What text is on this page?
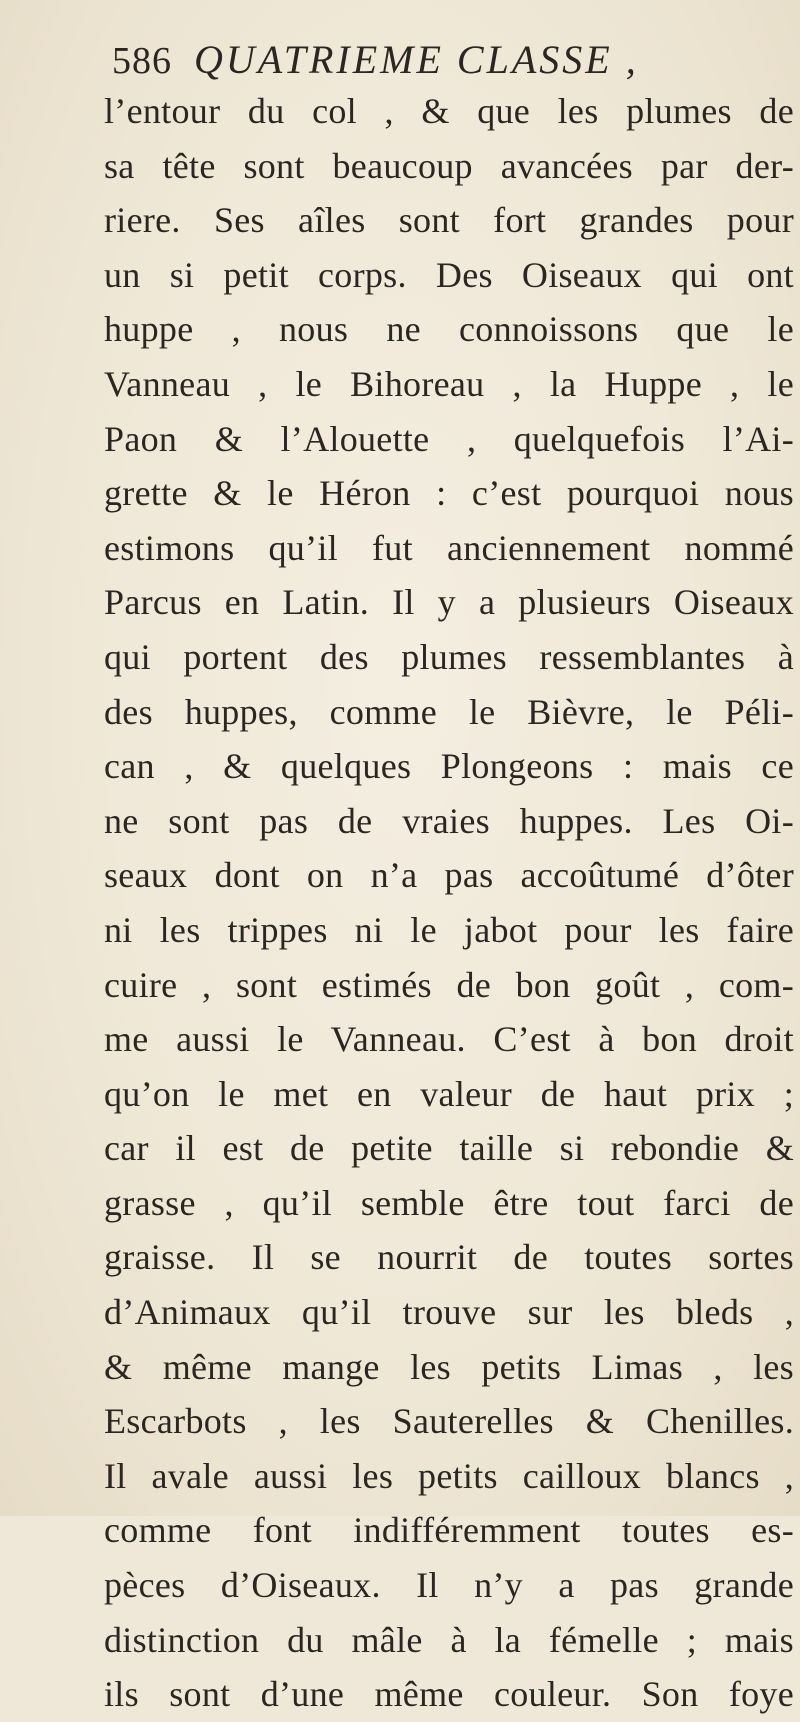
586 QUATRIEME CLASSE ,
l’entour du col , & que les plumes de
sa tête sont beaucoup avancées par der-
riere. Ses aîles sont fort grandes pour
un si petit corps. Des Oiseaux qui ont
huppe , nous ne connoissons que le
Vanneau , le Bihoreau , la Huppe , le
Paon & l’Alouette , quelquefois l’Ai-
grette & le Héron : c’est pourquoi nous
estimons qu’il fut anciennement nommé
Parcus en Latin. Il y a plusieurs Oiseaux
qui portent des plumes ressemblantes à
des huppes, comme le Bièvre, le Péli-
can , & quelques Plongeons : mais ce
ne sont pas de vraies huppes. Les Oi-
seaux dont on n’a pas accoûtumé d’ôter
ni les trippes ni le jabot pour les faire
cuire , sont estimés de bon goût , com-
me aussi le Vanneau. C’est à bon droit
qu’on le met en valeur de haut prix ;
car il est de petite taille si rebondie &
grasse , qu’il semble être tout farci de
graisse. Il se nourrit de toutes sortes
d’Animaux qu’il trouve sur les bleds ,
& même mange les petits Limas , les
Escarbots , les Sauterelles & Chenilles.
Il avale aussi les petits cailloux blancs ,
comme font indifféremment toutes es-
pèces d’Oiseaux. Il n’y a pas grande
distinction du mâle à la fémelle ; mais
ils sont d’une même couleur. Son foye
